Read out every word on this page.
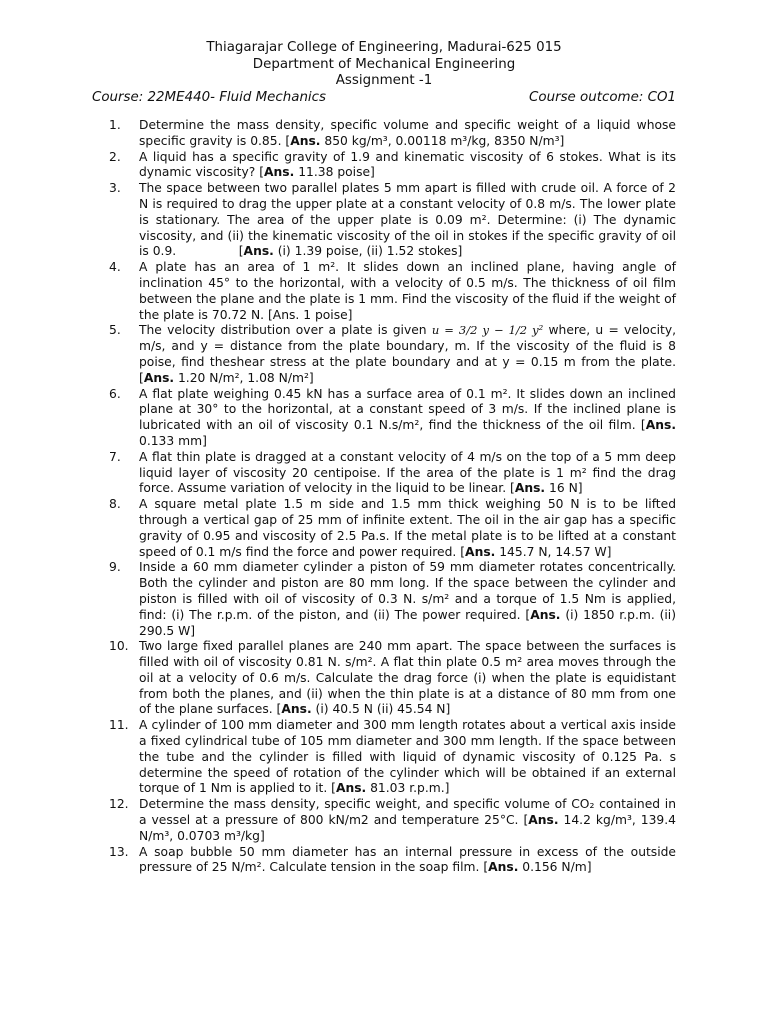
Thiagarajar College of Engineering, Madurai-625 015
Department of Mechanical Engineering
Assignment -1
Course: 22ME440- Fluid Mechanics	Course outcome: CO1
1.	Determine the mass density, specific volume and specific weight of a liquid whose specific gravity is 0.85. [Ans. 850 kg/m³, 0.00118 m³/kg, 8350 N/m³]
2.	A liquid has a specific gravity of 1.9 and kinematic viscosity of 6 stokes. What is its dynamic viscosity? [Ans. 11.38 poise]
3.	The space between two parallel plates 5 mm apart is filled with crude oil. A force of 2 N is required to drag the upper plate at a constant velocity of 0.8 m/s. The lower plate is stationary. The area of the upper plate is 0.09 m². Determine: (i) The dynamic viscosity, and (ii) the kinematic viscosity of the oil in stokes if the specific gravity of oil is 0.9.                [Ans. (i) 1.39 poise, (ii) 1.52 stokes]
4.	A plate has an area of 1 m². It slides down an inclined plane, having angle of inclination 45° to the horizontal, with a velocity of 0.5 m/s. The thickness of oil film between the plane and the plate is 1 mm. Find the viscosity of the fluid if the weight of the plate is 70.72 N. [Ans. 1 poise]
5.	The velocity distribution over a plate is given u = 3/2 y − 1/2 y² where, u = velocity, m/s, and y = distance from the plate boundary, m. If the viscosity of the fluid is 8 poise, find theshear stress at the plate boundary and at y = 0.15 m from the plate. [Ans. 1.20 N/m², 1.08 N/m²]
6.	A flat plate weighing 0.45 kN has a surface area of 0.1 m². It slides down an inclined plane at 30° to the horizontal, at a constant speed of 3 m/s. If the inclined plane is lubricated with an oil of viscosity 0.1 N.s/m², find the thickness of the oil film. [Ans. 0.133 mm]
7.	A flat thin plate is dragged at a constant velocity of 4 m/s on the top of a 5 mm deep liquid layer of viscosity 20 centipoise. If the area of the plate is 1 m² find the drag force. Assume variation of velocity in the liquid to be linear. [Ans. 16 N]
8.	A square metal plate 1.5 m side and 1.5 mm thick weighing 50 N is to be lifted through a vertical gap of 25 mm of infinite extent. The oil in the air gap has a specific gravity of 0.95 and viscosity of 2.5 Pa.s. If the metal plate is to be lifted at a constant speed of 0.1 m/s find the force and power required. [Ans. 145.7 N, 14.57 W]
9.	Inside a 60 mm diameter cylinder a piston of 59 mm diameter rotates concentrically. Both the cylinder and piston are 80 mm long. If the space between the cylinder and piston is filled with oil of viscosity of 0.3 N. s/m² and a torque of 1.5 Nm is applied, find: (i) The r.p.m. of the piston, and (ii) The power required. [Ans. (i) 1850 r.p.m. (ii) 290.5 W]
10. Two large fixed parallel planes are 240 mm apart. The space between the surfaces is filled with oil of viscosity 0.81 N. s/m². A flat thin plate 0.5 m² area moves through the oil at a velocity of 0.6 m/s. Calculate the drag force (i) when the plate is equidistant from both the planes, and (ii) when the thin plate is at a distance of 80 mm from one of the plane surfaces. [Ans. (i) 40.5 N (ii) 45.54 N]
11. A cylinder of 100 mm diameter and 300 mm length rotates about a vertical axis inside a fixed cylindrical tube of 105 mm diameter and 300 mm length. If the space between the tube and the cylinder is filled with liquid of dynamic viscosity of 0.125 Pa. s determine the speed of rotation of the cylinder which will be obtained if an external torque of 1 Nm is applied to it. [Ans. 81.03 r.p.m.]
12. Determine the mass density, specific weight, and specific volume of CO₂ contained in a vessel at a pressure of 800 kN/m2 and temperature 25°C. [Ans. 14.2 kg/m³, 139.4 N/m³, 0.0703 m³/kg]
13. A soap bubble 50 mm diameter has an internal pressure in excess of the outside pressure of 25 N/m². Calculate tension in the soap film. [Ans. 0.156 N/m]
